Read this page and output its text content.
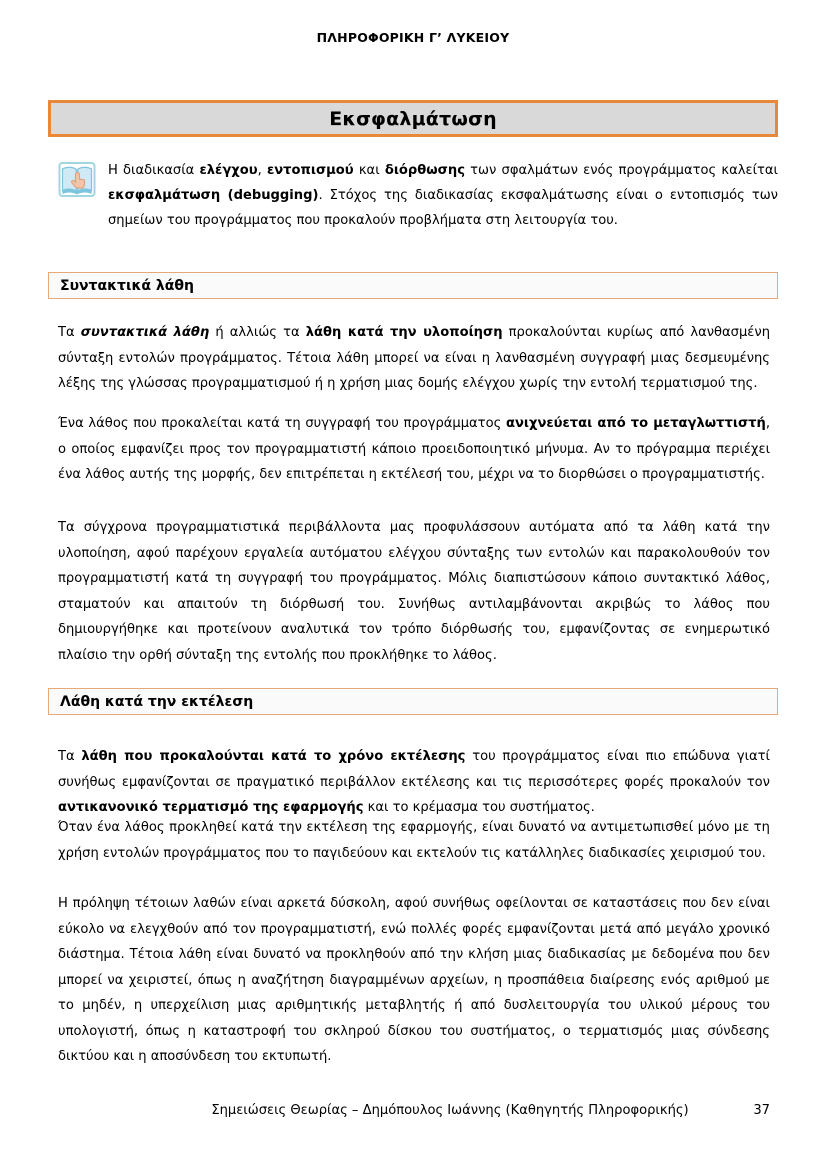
ΠΛΗΡΟΦΟΡΙΚΗ Γ’ ΛΥΚΕΙΟΥ
Εκσφαλμάτωση
Η διαδικασία ελέγχου, εντοπισμού και διόρθωσης των σφαλμάτων ενός προγράμματος καλείται εκσφαλμάτωση (debugging). Στόχος της διαδικασίας εκσφαλμάτωσης είναι ο εντοπισμός των σημείων του προγράμματος που προκαλούν προβλήματα στη λειτουργία του.
Συντακτικά λάθη
Τα συντακτικά λάθη ή αλλιώς τα λάθη κατά την υλοποίηση προκαλούνται κυρίως από λανθασμένη σύνταξη εντολών προγράμματος. Τέτοια λάθη μπορεί να είναι η λανθασμένη συγγραφή μιας δεσμευμένης λέξης της γλώσσας προγραμματισμού ή η χρήση μιας δομής ελέγχου χωρίς την εντολή τερματισμού της.
Ένα λάθος που προκαλείται κατά τη συγγραφή του προγράμματος ανιχνεύεται από το μεταγλωττιστή, ο οποίος εμφανίζει προς τον προγραμματιστή κάποιο προειδοποιητικό μήνυμα. Αν το πρόγραμμα περιέχει ένα λάθος αυτής της μορφής, δεν επιτρέπεται η εκτέλεσή του, μέχρι να το διορθώσει ο προγραμματιστής.
Τα σύγχρονα προγραμματιστικά περιβάλλοντα μας προφυλάσσουν αυτόματα από τα λάθη κατά την υλοποίηση, αφού παρέχουν εργαλεία αυτόματου ελέγχου σύνταξης των εντολών και παρακολουθούν τον προγραμματιστή κατά τη συγγραφή του προγράμματος. Μόλις διαπιστώσουν κάποιο συντακτικό λάθος, σταματούν και απαιτούν τη διόρθωσή του. Συνήθως αντιλαμβάνονται ακριβώς το λάθος που δημιουργήθηκε και προτείνουν αναλυτικά τον τρόπο διόρθωσής του, εμφανίζοντας σε ενημερωτικό πλαίσιο την ορθή σύνταξη της εντολής που προκλήθηκε το λάθος.
Λάθη κατά την εκτέλεση
Τα λάθη που προκαλούνται κατά το χρόνο εκτέλεσης του προγράμματος είναι πιο επώδυνα γιατί συνήθως εμφανίζονται σε πραγματικό περιβάλλον εκτέλεσης και τις περισσότερες φορές προκαλούν τον αντικανονικό τερματισμό της εφαρμογής και το κρέμασμα του συστήματος.
Όταν ένα λάθος προκληθεί κατά την εκτέλεση της εφαρμογής, είναι δυνατό να αντιμετωπισθεί μόνο με τη χρήση εντολών προγράμματος που το παγιδεύουν και εκτελούν τις κατάλληλες διαδικασίες χειρισμού του.
Η πρόληψη τέτοιων λαθών είναι αρκετά δύσκολη, αφού συνήθως οφείλονται σε καταστάσεις που δεν είναι εύκολο να ελεγχθούν από τον προγραμματιστή, ενώ πολλές φορές εμφανίζονται μετά από μεγάλο χρονικό διάστημα. Τέτοια λάθη είναι δυνατό να προκληθούν από την κλήση μιας διαδικασίας με δεδομένα που δεν μπορεί να χειριστεί, όπως η αναζήτηση διαγραμμένων αρχείων, η προσπάθεια διαίρεσης ενός αριθμού με το μηδέν, η υπερχείλιση μιας αριθμητικής μεταβλητής ή από δυσλειτουργία του υλικού μέρους του υπολογιστή, όπως η καταστροφή του σκληρού δίσκου του συστήματος, ο τερματισμός μιας σύνδεσης δικτύου και η αποσύνδεση του εκτυπωτή.
Σημειώσεις Θεωρίας – Δημόπουλος Ιωάννης (Καθηγητής Πληροφορικής)	37
